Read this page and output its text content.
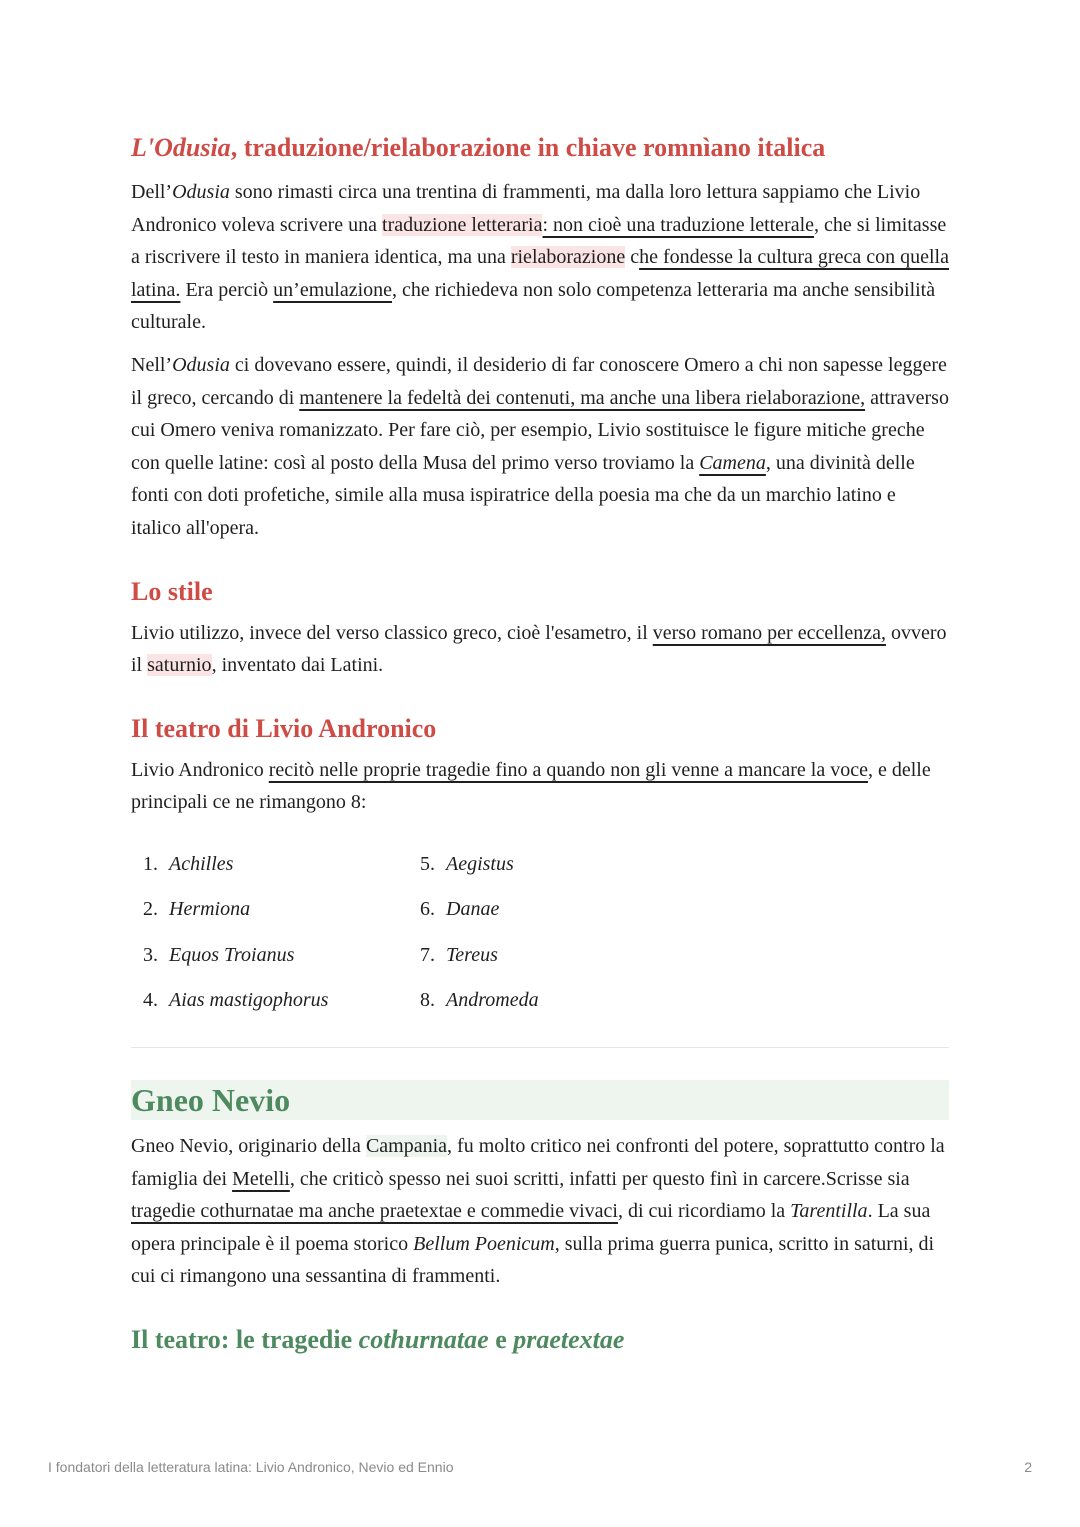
L'Odusia, traduzione/rielaborazione in chiave romnìano italica

Dell’Odusia sono rimasti circa una trentina di frammenti, ma dalla loro lettura sappiamo che Livio Andronico voleva scrivere una traduzione letteraria: non cioè una traduzione letterale, che si limitasse a riscrivere il testo in maniera identica, ma una rielaborazione che fondesse la cultura greca con quella latina. Era perciò un’emulazione, che richiedeva non solo competenza letteraria ma anche sensibilità culturale.

Nell’Odusia ci dovevano essere, quindi, il desiderio di far conoscere Omero a chi non sapesse leggere il greco, cercando di mantenere la fedeltà dei contenuti, ma anche una libera rielaborazione, attraverso cui Omero veniva romanizzato. Per fare ciò, per esempio, Livio sostituisce le figure mitiche greche con quelle latine: così al posto della Musa del primo verso troviamo la Camena, una divinità delle fonti con doti profetiche, simile alla musa ispiratrice della poesia ma che da un marchio latino e italico all'opera.

Lo stile

Livio utilizzo, invece del verso classico greco, cioè l'esametro, il verso romano per eccellenza, ovvero il saturnio, inventato dai Latini.

Il teatro di Livio Andronico

Livio Andronico recitò nelle proprie tragedie fino a quando non gli venne a mancare la voce, e delle principali ce ne rimangono 8:

1. Achilles
2. Hermiona
3. Equos Troianus
4. Aias mastigophorus
5. Aegistus
6. Danae
7. Tereus
8. Andromeda
Gneo Nevio

Gneo Nevio, originario della Campania, fu molto critico nei confronti del potere, soprattutto contro la famiglia dei Metelli, che criticò spesso nei suoi scritti, infatti per questo finì in carcere.Scrisse sia tragedie cothurnatae ma anche praetextae e commedie vivaci, di cui ricordiamo la Tarentilla. La sua opera principale è il poema storico Bellum Poenicum, sulla prima guerra punica, scritto in saturni, di cui ci rimangono una sessantina di frammenti.

Il teatro: le tragedie cothurnatae e praetextae
I fondatori della letteratura latina: Livio Andronico, Nevio ed Ennio	2
